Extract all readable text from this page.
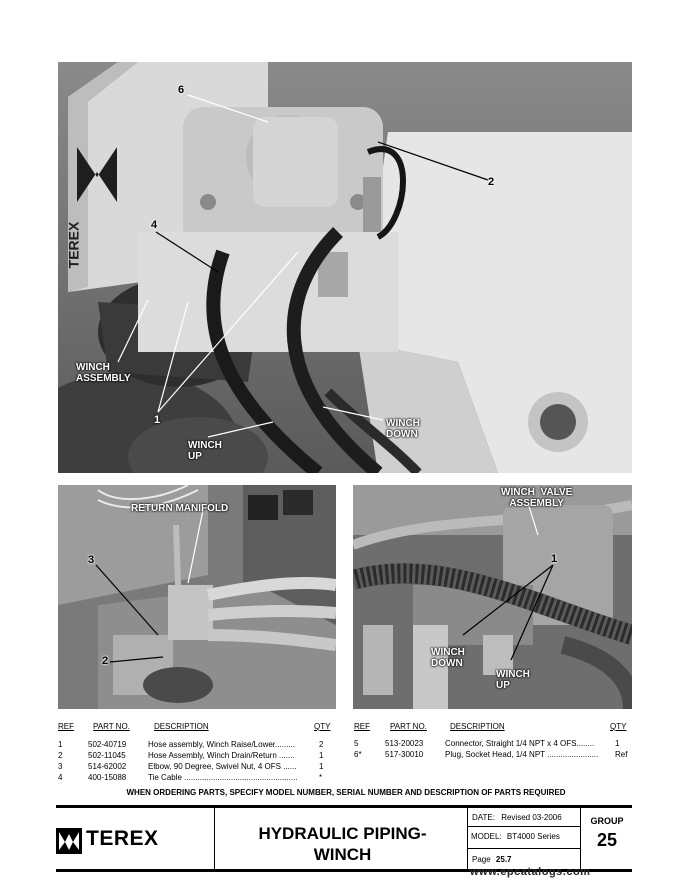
TEREX
6
2
4
1
WINCH
ASSEMBLY
WINCH
UP
WINCH
DOWN
RETURN MANIFOLD
3
2
WINCH  VALVE
ASSEMBLY
1
WINCH
DOWN
WINCH
UP
REF PART NO.	DESCRIPTION	QTY
1	502-40719	Hose assembly, Winch Raise/Lower.........	2
2	502-11045	Hose Assembly, Winch Drain/Return .......	1
3	514-62002	Elbow, 90 Degree, Swivel Nut, 4 OFS ......	1
4	400-15088	Tie Cable ...................................................	*
REF	PART NO.	DESCRIPTION	QTY
5	513-20023	Connector, Straight 1/4 NPT x 4 OFS........	1
6*	517-30010	Plug, Socket Head, 1/4 NPT .......................	Ref
WHEN ORDERING PARTS, SPECIFY MODEL NUMBER, SERIAL NUMBER AND DESCRIPTION OF PARTS REQUIRED
TEREX	HYDRAULIC PIPING-
WINCH
DATE: Revised 03-2006
MODEL: BT4000 Series
Page 25.7
GROUP
25
www.epcatalogs.com
